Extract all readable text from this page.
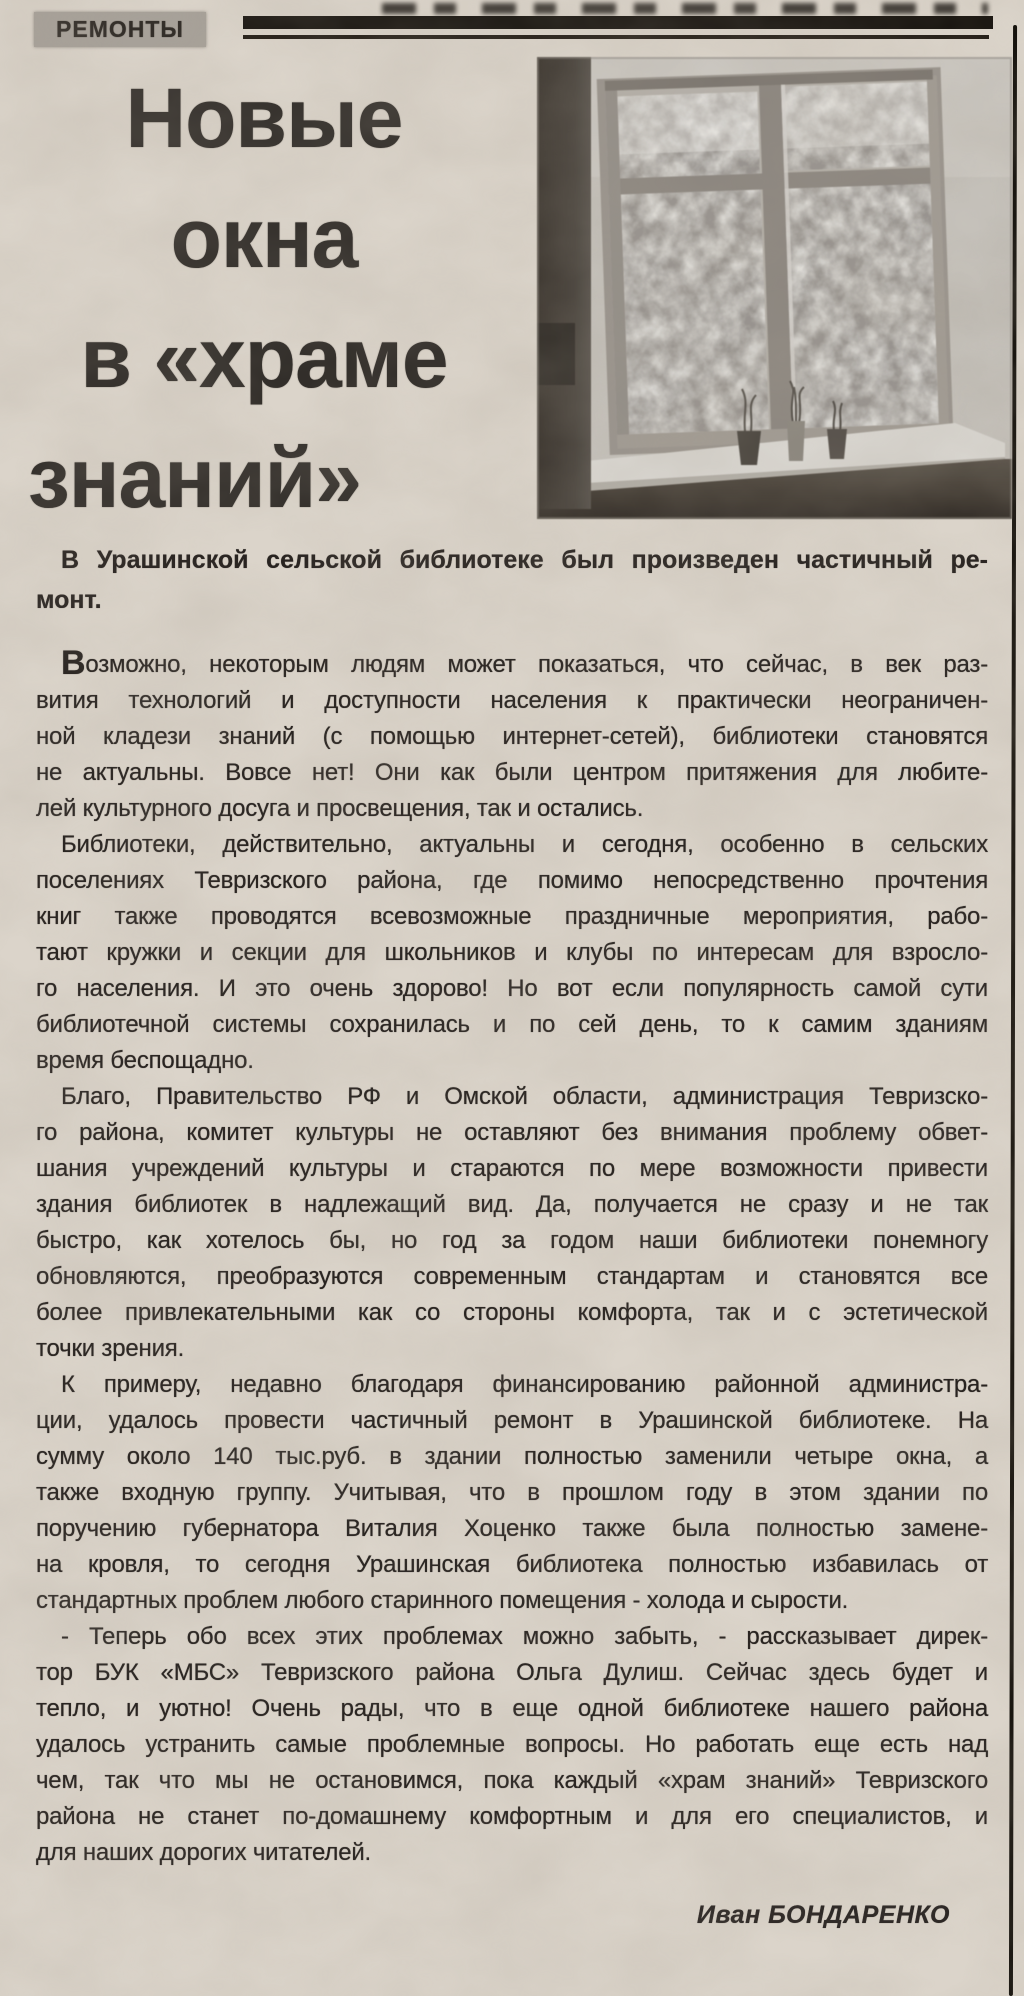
РЕМОНТЫ
Новые
окна
в «храме
знаний»
В Урашинской сельской библиотеке был произведен частичный ре-
монт.
Возможно, некоторым людям может показаться, что сейчас, в век раз-
вития технологий и доступности населения к практически неограничен-
ной кладези знаний (с помощью интернет-сетей), библиотеки становятся
не актуальны. Вовсе нет! Они как были центром притяжения для любите-
лей культурного досуга и просвещения, так и остались.
Библиотеки, действительно, актуальны и сегодня, особенно в сельских
поселениях Тевризского района, где помимо непосредственно прочтения
книг также проводятся всевозможные праздничные мероприятия, рабо-
тают кружки и секции для школьников и клубы по интересам для взросло-
го населения. И это очень здорово! Но вот если популярность самой сути
библиотечной системы сохранилась и по сей день, то к самим зданиям
время беспощадно.
Благо, Правительство РФ и Омской области, администрация Тевризско-
го района, комитет культуры не оставляют без внимания проблему обвет-
шания учреждений культуры и стараются по мере возможности привести
здания библиотек в надлежащий вид. Да, получается не сразу и не так
быстро, как хотелось бы, но год за годом наши библиотеки понемногу
обновляются, преобразуются современным стандартам и становятся все
более привлекательными как со стороны комфорта, так и с эстетической
точки зрения.
К примеру, недавно благодаря финансированию районной администра-
ции, удалось провести частичный ремонт в Урашинской библиотеке. На
сумму около 140 тыс.руб. в здании полностью заменили четыре окна, а
также входную группу. Учитывая, что в прошлом году в этом здании по
поручению губернатора Виталия Хоценко также была полностью замене-
на кровля, то сегодня Урашинская библиотека полностью избавилась от
стандартных проблем любого старинного помещения - холода и сырости.
- Теперь обо всех этих проблемах можно забыть, - рассказывает дирек-
тор БУК «МБС» Тевризского района Ольга Дулиш. Сейчас здесь будет и
тепло, и уютно! Очень рады, что в еще одной библиотеке нашего района
удалось устранить самые проблемные вопросы. Но работать еще есть над
чем, так что мы не остановимся, пока каждый «храм знаний» Тевризского
района не станет по-домашнему комфортным и для его специалистов, и
для наших дорогих читателей.
Иван БОНДАРЕНКО
